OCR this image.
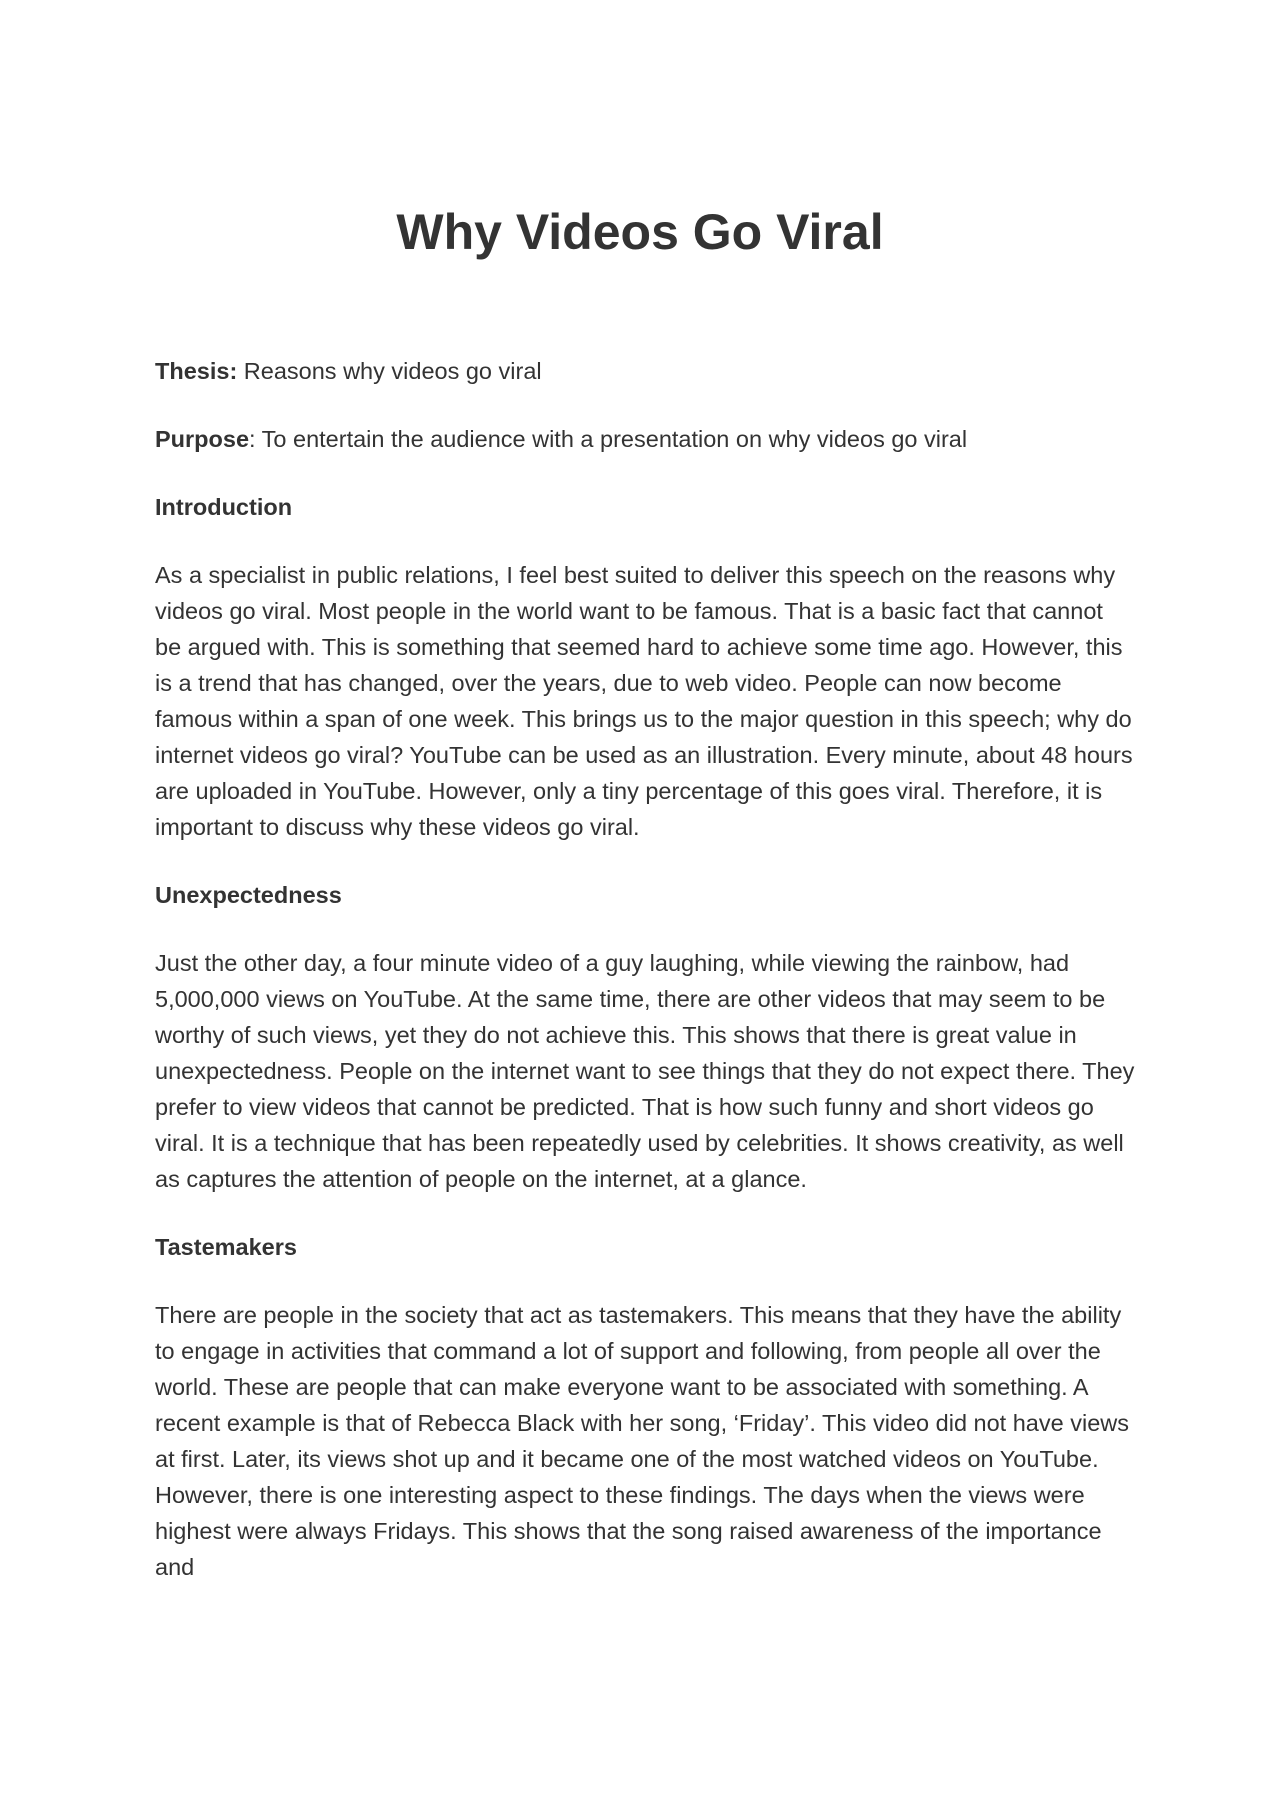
Why Videos Go Viral

Thesis: Reasons why videos go viral

Purpose: To entertain the audience with a presentation on why videos go viral

Introduction

As a specialist in public relations, I feel best suited to deliver this speech on the reasons why videos go viral. Most people in the world want to be famous. That is a basic fact that cannot be argued with. This is something that seemed hard to achieve some time ago. However, this is a trend that has changed, over the years, due to web video. People can now become famous within a span of one week. This brings us to the major question in this speech; why do internet videos go viral? YouTube can be used as an illustration. Every minute, about 48 hours are uploaded in YouTube. However, only a tiny percentage of this goes viral. Therefore, it is important to discuss why these videos go viral.

Unexpectedness

Just the other day, a four minute video of a guy laughing, while viewing the rainbow, had 5,000,000 views on YouTube. At the same time, there are other videos that may seem to be worthy of such views, yet they do not achieve this. This shows that there is great value in unexpectedness. People on the internet want to see things that they do not expect there. They prefer to view videos that cannot be predicted. That is how such funny and short videos go viral. It is a technique that has been repeatedly used by celebrities. It shows creativity, as well as captures the attention of people on the internet, at a glance.

Tastemakers

There are people in the society that act as tastemakers. This means that they have the ability to engage in activities that command a lot of support and following, from people all over the world. These are people that can make everyone want to be associated with something. A recent example is that of Rebecca Black with her song, ‘Friday’. This video did not have views at first. Later, its views shot up and it became one of the most watched videos on YouTube. However, there is one interesting aspect to these findings. The days when the views were highest were always Fridays. This shows that the song raised awareness of the importance and
